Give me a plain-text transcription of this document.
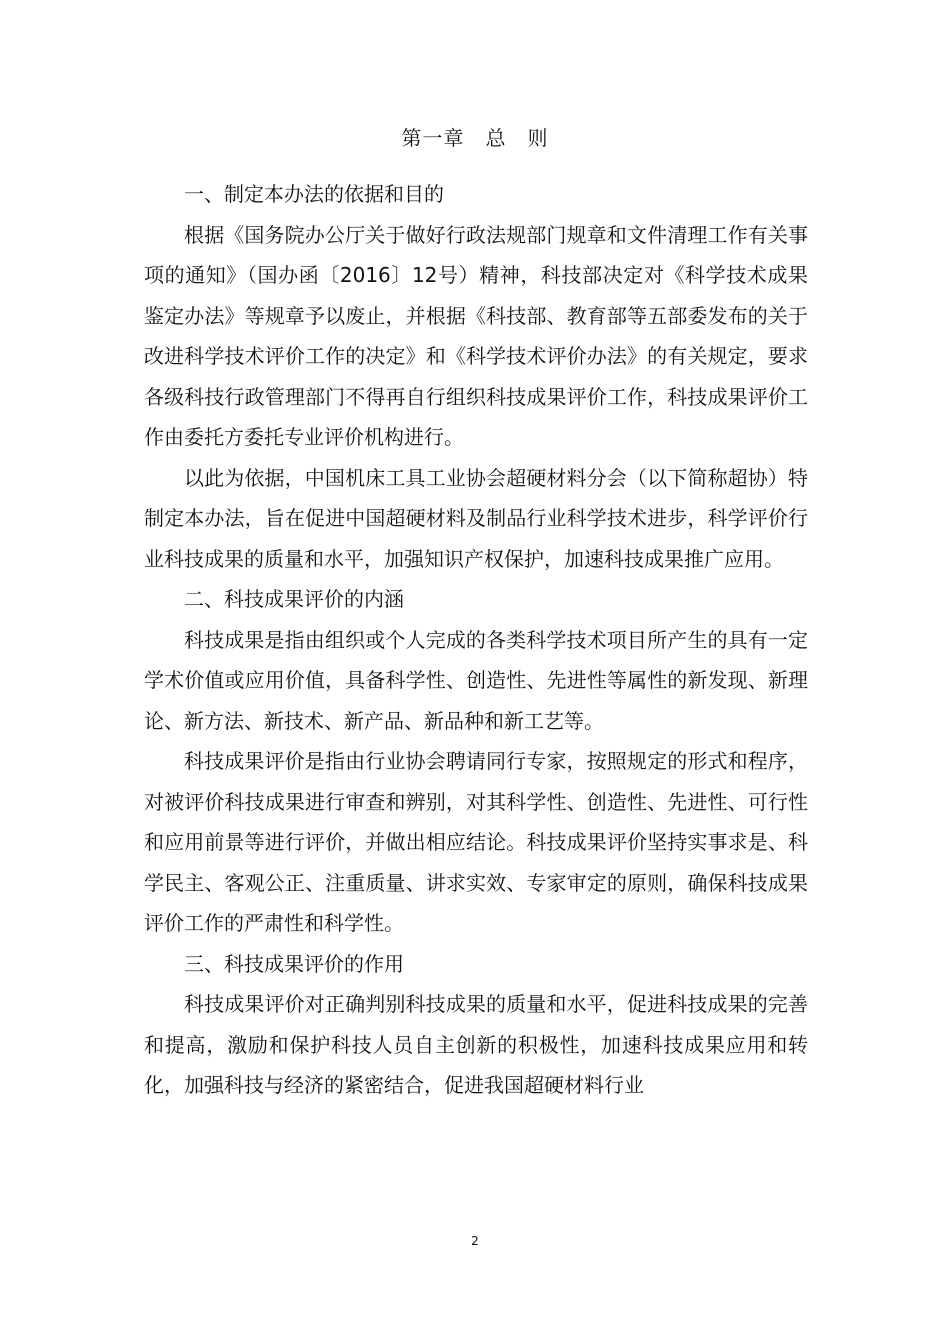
第一章　总　则

一、制定本办法的依据和目的

根据《国务院办公厅关于做好行政法规部门规章和文件清理工作有关事项的通知》（国办函〔2016〕12号）精神，科技部决定对《科学技术成果鉴定办法》等规章予以废止，并根据《科技部、教育部等五部委发布的关于改进科学技术评价工作的决定》和《科学技术评价办法》的有关规定，要求各级科技行政管理部门不得再自行组织科技成果评价工作，科技成果评价工作由委托方委托专业评价机构进行。

以此为依据，中国机床工具工业协会超硬材料分会（以下简称超协）特制定本办法，旨在促进中国超硬材料及制品行业科学技术进步，科学评价行业科技成果的质量和水平，加强知识产权保护，加速科技成果推广应用。

二、科技成果评价的内涵

科技成果是指由组织或个人完成的各类科学技术项目所产生的具有一定学术价值或应用价值，具备科学性、创造性、先进性等属性的新发现、新理论、新方法、新技术、新产品、新品种和新工艺等。

科技成果评价是指由行业协会聘请同行专家，按照规定的形式和程序，对被评价科技成果进行审查和辨别，对其科学性、创造性、先进性、可行性和应用前景等进行评价，并做出相应结论。科技成果评价坚持实事求是、科学民主、客观公正、注重质量、讲求实效、专家审定的原则，确保科技成果评价工作的严肃性和科学性。

三、科技成果评价的作用

科技成果评价对正确判别科技成果的质量和水平，促进科技成果的完善和提高，激励和保护科技人员自主创新的积极性，加速科技成果应用和转化，加强科技与经济的紧密结合，促进我国超硬材料行业

2
